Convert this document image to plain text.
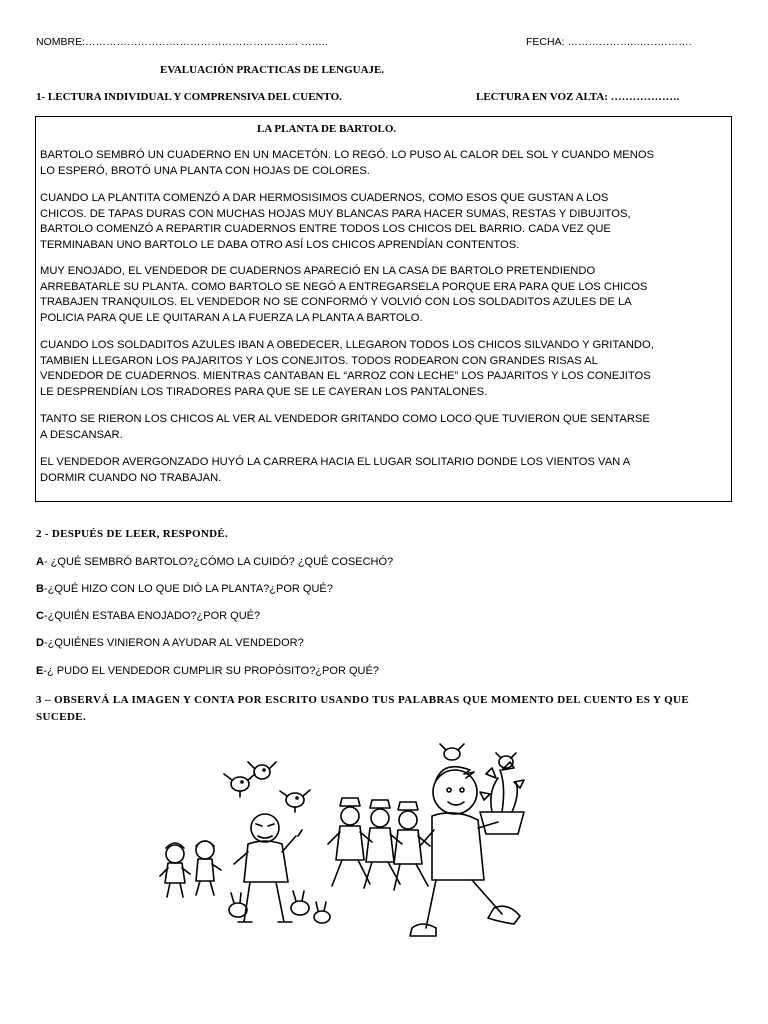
NOMBRE:……………………………………………………. ……..	FECHA: ………………..…………….
EVALUACIÓN PRACTICAS DE LENGUAJE.
1- LECTURA INDIVIDUAL Y COMPRENSIVA DEL CUENTO.	LECTURA EN VOZ ALTA: ……………….
LA PLANTA DE BARTOLO.

BARTOLO SEMBRÓ UN CUADERNO EN UN MACETÓN. LO REGÓ. LO PUSO AL CALOR DEL SOL Y CUANDO MENOS
LO ESPERÓ, BROTÓ UNA PLANTA CON HOJAS DE COLORES.

CUANDO LA PLANTITA COMENZÓ A DAR HERMOSISIMOS CUADERNOS, COMO ESOS QUE GUSTAN A LOS
CHICOS. DE TAPAS DURAS CON MUCHAS HOJAS MUY BLANCAS PARA HACER SUMAS, RESTAS Y DIBUJITOS,
BARTOLO COMENZÓ A REPARTIR CUADERNOS ENTRE TODOS LOS CHICOS DEL BARRIO. CADA VEZ QUE
TERMINABAN UNO BARTOLO LE DABA OTRO ASÍ LOS CHICOS APRENDÍAN CONTENTOS.

MUY ENOJADO, EL VENDEDOR DE CUADERNOS APARECIÓ EN LA CASA DE BARTOLO PRETENDIENDO
ARREBATARLE SU PLANTA. COMO BARTOLO SE NEGÓ A ENTREGARSELA PORQUE ERA PARA QUE LOS CHICOS
TRABAJEN TRANQUILOS. EL VENDEDOR NO SE CONFORMÓ Y VOLVIÓ CON LOS SOLDADITOS AZULES DE LA
POLICIA PARA QUE LE QUITARAN A LA FUERZA LA PLANTA A BARTOLO.

CUANDO LOS SOLDADITOS AZULES IBAN A OBEDECER, LLEGARON TODOS LOS CHICOS SILVANDO Y GRITANDO,
TAMBIEN LLEGARON LOS PAJARITOS Y LOS CONEJITOS. TODOS RODEARON CON GRANDES RISAS AL
VENDEDOR DE CUADERNOS. MIENTRAS CANTABAN EL “ARROZ CON LECHE” LOS PAJARITOS Y LOS CONEJITOS
LE DESPRENDÍAN LOS TIRADORES PARA QUE SE LE CAYERAN LOS PANTALONES.

TANTO SE RIERON LOS CHICOS AL VER AL VENDEDOR GRITANDO COMO LOCO QUE TUVIERON QUE SENTARSE
A DESCANSAR.

EL VENDEDOR AVERGONZADO HUYÓ LA CARRERA HACIA EL LUGAR SOLITARIO DONDE LOS VIENTOS VAN A
DORMIR CUANDO NO TRABAJAN.

2 - DESPUÉS DE LEER, RESPONDÉ.
A- ¿QUÉ SEMBRÓ BARTOLO?¿CÓMO LA CUIDÓ? ¿QUÉ COSECHÓ?
B-¿QUÉ HIZO CON LO QUE DIÓ LA PLANTA?¿POR QUÉ?
C-¿QUIÉN ESTABA ENOJADO?¿POR QUÉ?
D-¿QUIÉNES VINIERON A AYUDAR AL VENDEDOR?
E-¿ PUDO EL VENDEDOR CUMPLIR SU PROPÓSITO?¿POR QUÉ?
3 – OBSERVÁ LA IMAGEN Y CONTA POR ESCRITO USANDO TUS PALABRAS QUE MOMENTO DEL CUENTO ES Y QUE SUCEDE.
